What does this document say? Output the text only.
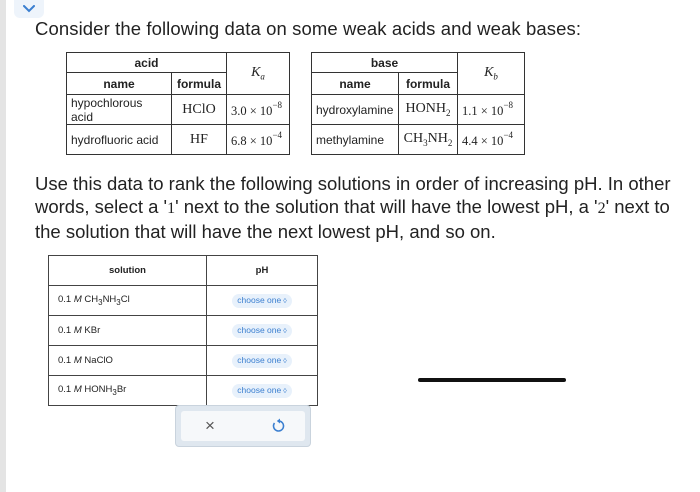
Consider the following data on some weak acids and weak bases:
acid		$K_a$
name	formula	
hypochlorous acid	HClO	$3.0 \times 10^{-8}$
hydrofluoric acid	HF	$6.8 \times 10^{-4}$
base		$K_b$
name	formula	
hydroxylamine	$HONH_2$	$1.1 \times 10^{-8}$
methylamine	$CH_3NH_2$	$4.4 \times 10^{-4}$
Use this data to rank the following solutions in order of increasing pH. In other words, select a '1' next to the solution that will have the lowest pH, a '2' next to the solution that will have the next lowest pH, and so on.
solution	pH
0.1 M $CH_3NH_3Cl$	choose one ◊
0.1 M KBr	choose one ◊
0.1 M NaClO	choose one ◊
0.1 M $HONH_3Br$	choose one ◊
×
